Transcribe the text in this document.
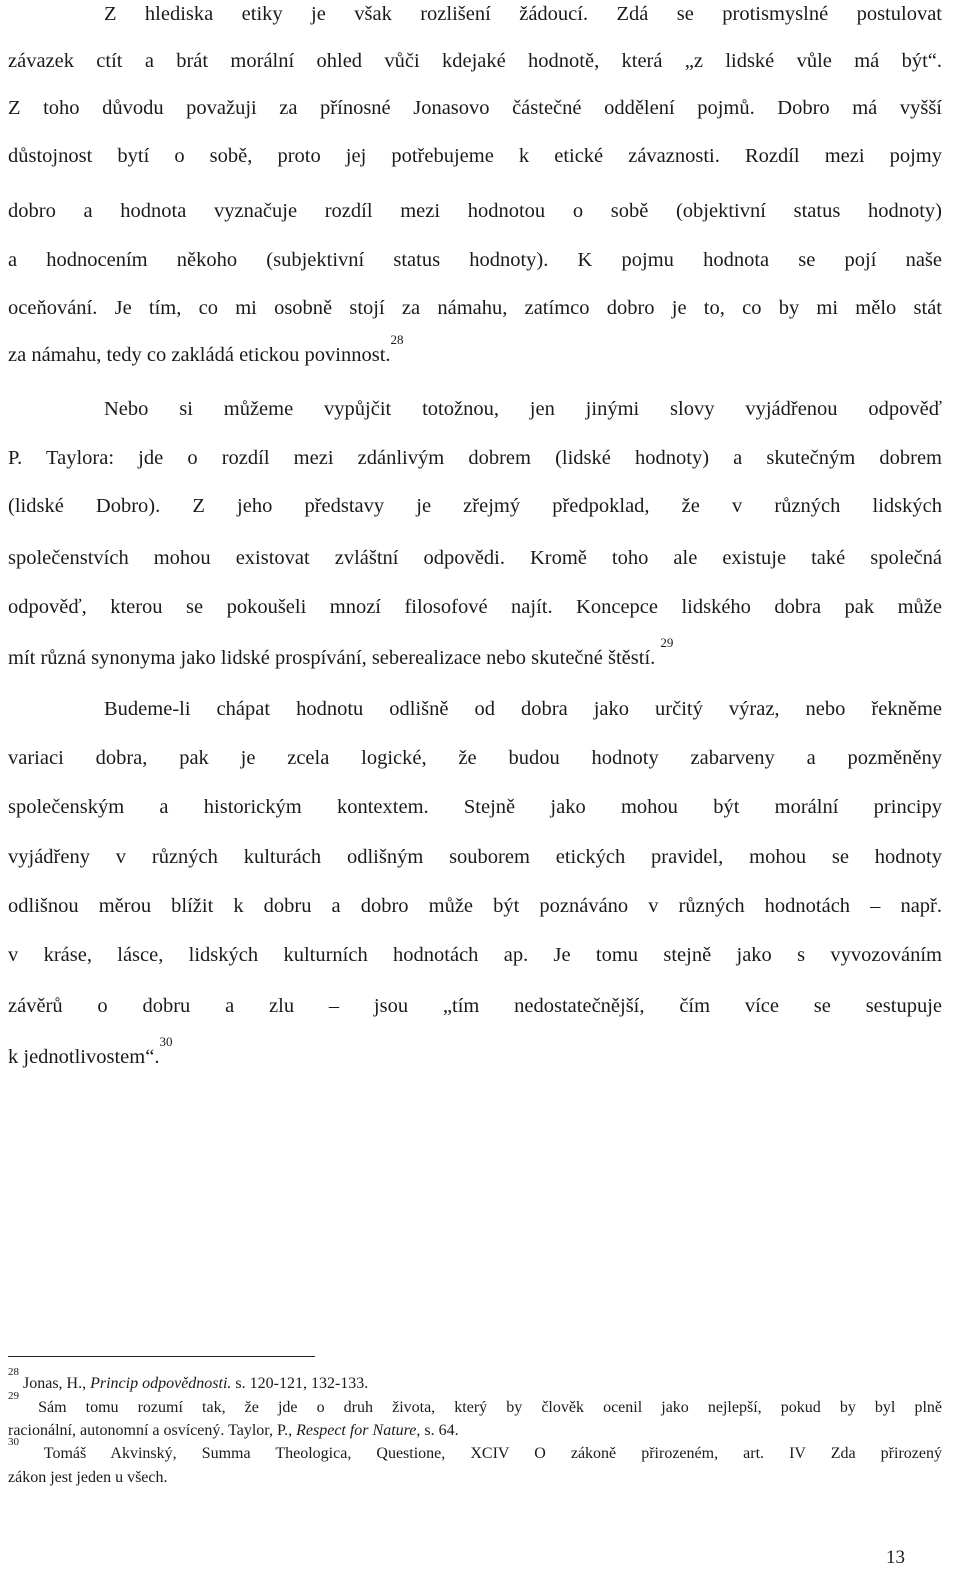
Z hlediska etiky je však rozlišení žádoucí. Zdá se protismyslné postulovat
závazek ctít a brát morální ohled vůči kdejaké hodnotě, která „z lidské vůle má být“.
Z toho důvodu považuji za přínosné Jonasovo částečné oddělení pojmů. Dobro má vyšší
důstojnost bytí o sobě, proto jej potřebujeme k etické závaznosti. Rozdíl mezi pojmy
dobro a hodnota vyznačuje rozdíl mezi hodnotou o sobě (objektivní status hodnoty)
a hodnocením někoho (subjektivní status hodnoty). K pojmu hodnota se pojí naše
oceňování. Je tím, co mi osobně stojí za námahu, zatímco dobro je to, co by mi mělo stát
za námahu, tedy co zakládá etickou povinnost.$^{28}$
Nebo si můžeme vypůjčit totožnou, jen jinými slovy vyjádřenou odpověď
P. Taylora: jde o rozdíl mezi zdánlivým dobrem (lidské hodnoty) a skutečným dobrem
(lidské Dobro). Z jeho představy je zřejmý předpoklad, že v různých lidských
společenstvích mohou existovat zvláštní odpovědi. Kromě toho ale existuje také společná
odpověď, kterou se pokoušeli mnozí filosofové najít. Koncepce lidského dobra pak může
mít různá synonyma jako lidské prospívání, seberealizace nebo skutečné štěstí. $^{29}$
Budeme-li chápat hodnotu odlišně od dobra jako určitý výraz, nebo řekněme
variaci dobra, pak je zcela logické, že budou hodnoty zabarveny a pozměněny
společenským a historickým kontextem. Stejně jako mohou být morální principy
vyjádřeny v různých kulturách odlišným souborem etických pravidel, mohou se hodnoty
odlišnou měrou blížit k dobru a dobro může být poznáváno v různých hodnotách – např.
v kráse, lásce, lidských kulturních hodnotách ap. Je tomu stejně jako s vyvozováním
závěrů o dobru a zlu – jsou „tím nedostatečnější, čím více se sestupuje
k jednotlivostem“.$^{30}$
$^{28}$ Jonas, H., Princip odpovědnosti. s. 120-121, 132-133.
$^{29}$ Sám tomu rozumí tak, že jde o druh života, který by člověk ocenil jako nejlepší, pokud by byl plně
racionální, autonomní a osvícený. Taylor, P., Respect for Nature, s. 64.
$^{30}$ Tomáš Akvinský, Summa Theologica, Questione, XCIV O zákoně přirozeném, art. IV Zda přirozený
zákon jest jeden u všech.
13
